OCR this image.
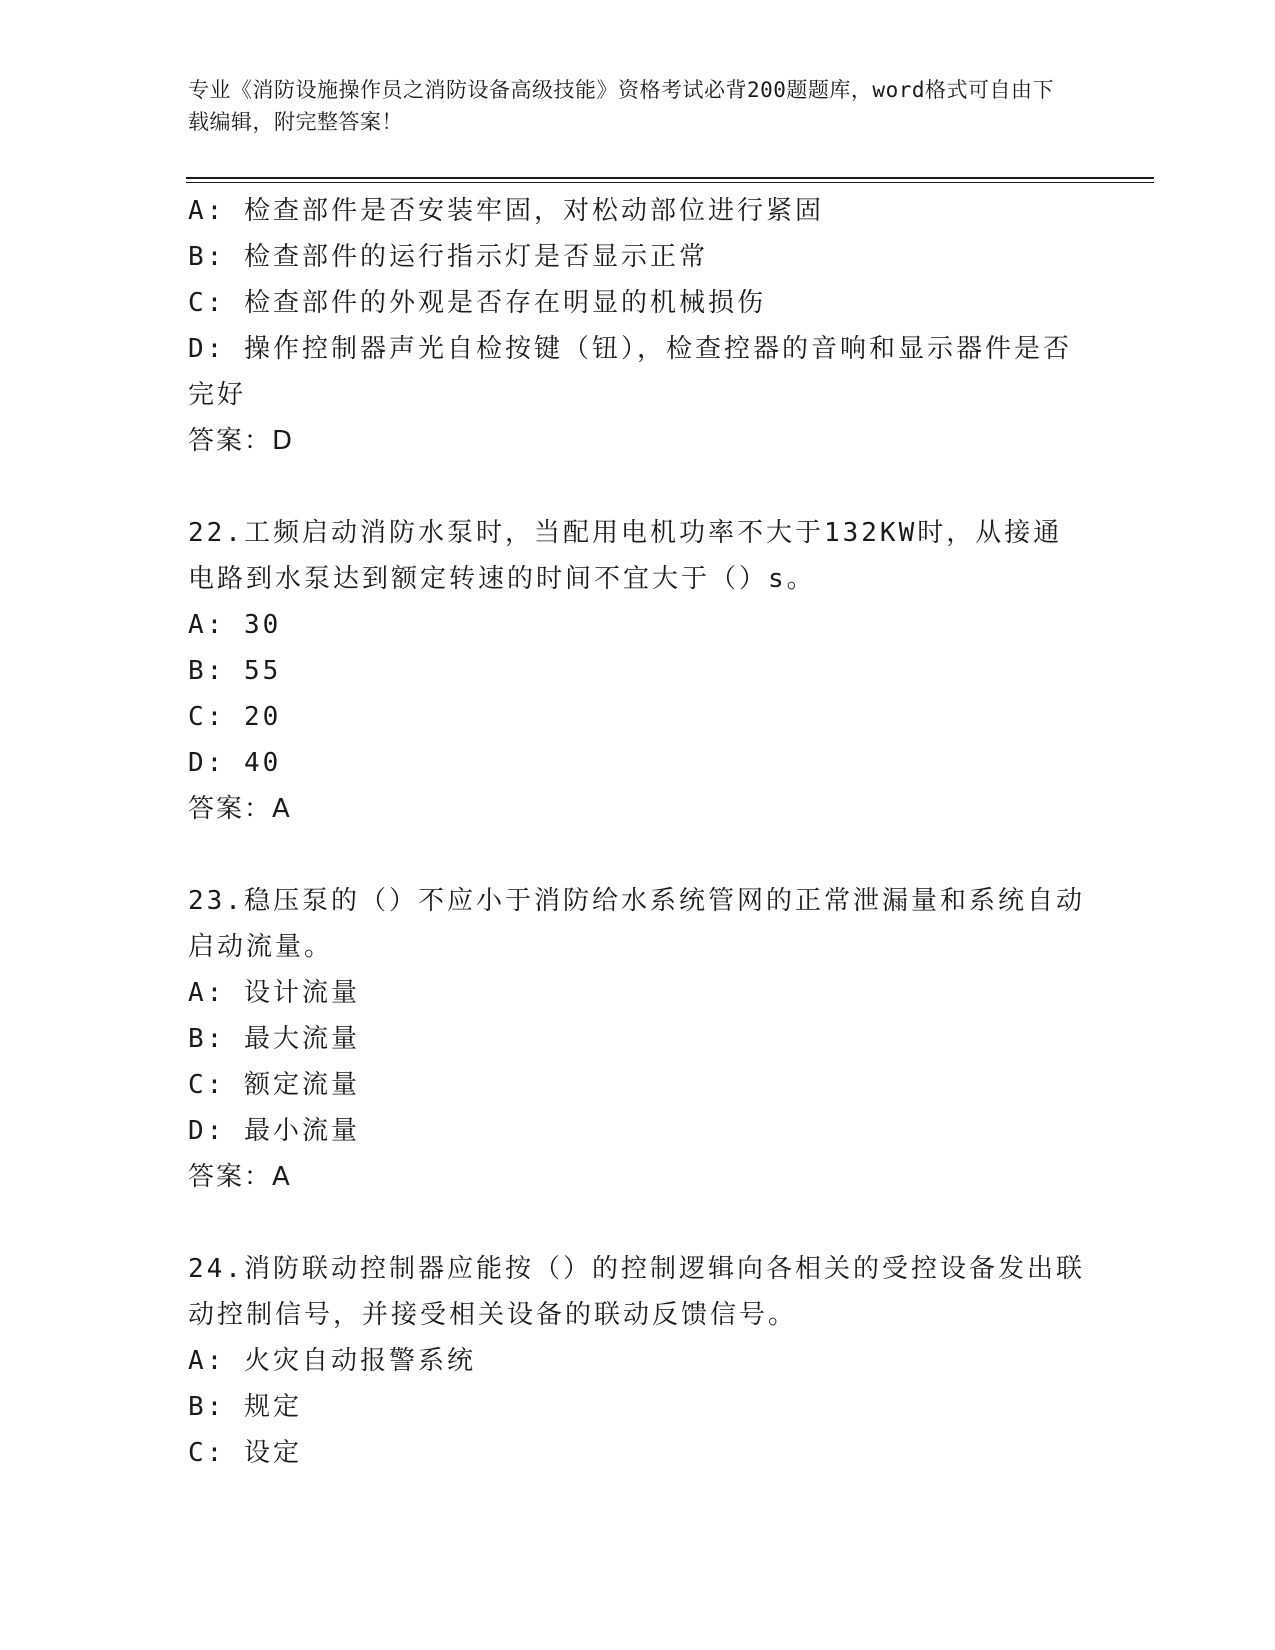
专业《消防设施操作员之消防设备高级技能》资格考试必背200题题库，word格式可自由下载编辑，附完整答案！

A: 检查部件是否安装牢固，对松动部位进行紧固

B: 检查部件的运行指示灯是否显示正常

C: 检查部件的外观是否存在明显的机械损伤

D: 操作控制器声光自检按键（钮），检查控器的音响和显示器件是否完好

答案：D

22.工频启动消防水泵时，当配用电机功率不大于132KW时，从接通电路到水泵达到额定转速的时间不宜大于（）s。

A: 30

B: 55

C: 20

D: 40

答案：A

23.稳压泵的（）不应小于消防给水系统管网的正常泄漏量和系统自动启动流量。

A: 设计流量

B: 最大流量

C: 额定流量

D: 最小流量

答案：A

24.消防联动控制器应能按（）的控制逻辑向各相关的受控设备发出联动控制信号，并接受相关设备的联动反馈信号。

A: 火灾自动报警系统

B: 规定

C: 设定
